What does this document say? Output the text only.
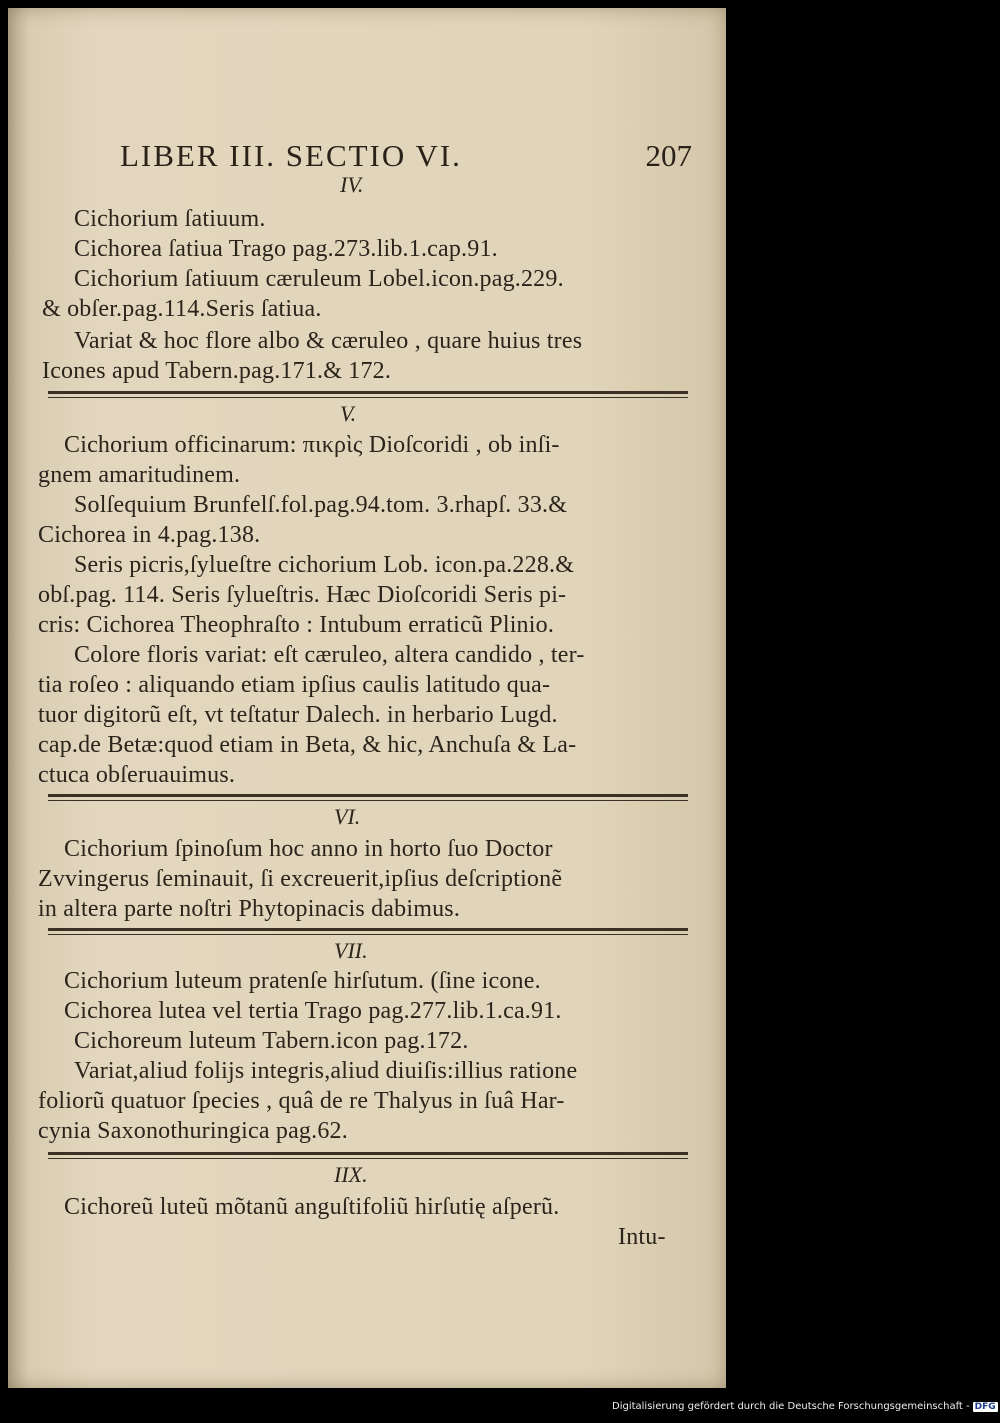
LIBER III. SECTIO VI.	207
IV.
Cichorium ſatiuum.
Cichorea ſatiua Trago pag.273.lib.1.cap.91.
Cichorium ſatiuum cæruleum Lobel.icon.pag.229.
& obſer.pag.114.Seris ſatiua.
Variat & hoc flore albo & cæruleo , quare huius tres
Icones apud Tabern.pag.171.& 172.
V.
Cichorium officinarum: πικρὶς Dioſcoridi , ob inſi-
gnem amaritudinem.
Solſequium Brunfelſ.fol.pag.94.tom. 3.rhapſ. 33.&
Cichorea in 4.pag.138.
Seris picris,ſylueſtre cichorium Lob. icon.pa.228.&
obſ.pag. 114. Seris ſylueſtris. Hæc Dioſcoridi Seris pi-
cris: Cichorea Theophraſto : Intubum erraticũ Plinio.
Colore floris variat: eſt cæruleo, altera candido , ter-
tia roſeo : aliquando etiam ipſius caulis latitudo qua-
tuor digitorũ eſt, vt teſtatur Dalech. in herbario Lugd.
cap.de Betæ:quod etiam in Beta, & hic, Anchuſa & La-
ctuca obſeruauimus.
VI.
Cichorium ſpinoſum hoc anno in horto ſuo Doctor
Zvvingerus ſeminauit, ſi excreuerit,ipſius deſcriptionẽ
in altera parte noſtri Phytopinacis dabimus.
VII.
Cichorium luteum pratenſe hirſutum. (ſine icone.
Cichorea lutea vel tertia Trago pag.277.lib.1.ca.91.
Cichoreum luteum Tabern.icon pag.172.
Variat,aliud folijs integris,aliud diuiſis:illius ratione
foliorũ quatuor ſpecies , quâ de re Thalyus in ſuâ Har-
cynia Saxonothuringica pag.62.
IIX.
Cichoreũ luteũ mõtanũ anguſtifoliũ hirſutię aſperũ.
Intu-
Digitalisierung gefördert durch die Deutsche Forschungsgemeinschaft - DFG
